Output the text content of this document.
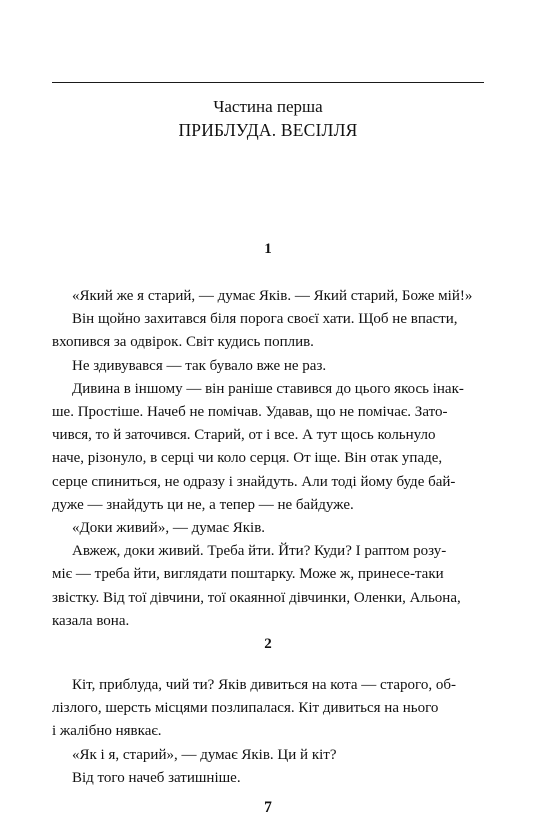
Частина перша
ПРИБЛУДА. ВЕСІЛЛЯ
1

«Який же я старий, — думає Яків. — Який старий, Боже мій!»

Він щойно захитався біля порога своєї хати. Щоб не впасти,
вхопився за одвірок. Світ кудись поплив.

Не здивувався — так бувало вже не раз.

Дивина в іншому — він раніше ставився до цього якось інак-
ше. Простіше. Начеб не помічав. Удавав, що не помічає. Зато-
чився, то й заточився. Старий, от і все. А тут щось кольнуло
наче, різонуло, в серці чи коло серця. От іще. Він отак упаде,
серце спиниться, не одразу і знайдуть. Али тоді йому буде бай-
дуже — знайдуть ци не, а тепер — не байдуже.

«Доки живий», — думає Яків.

Авжеж, доки живий. Треба йти. Йти? Куди? І раптом розу-
міє — треба йти, виглядати поштарку. Може ж, принесе-таки
звістку. Від тої дівчини, тої окаянної дівчинки, Оленки, Альона,
казала вона.

2

Кіт, приблуда, чий ти? Яків дивиться на кота — старого, об-
лізлого, шерсть місцями позлипалася. Кіт дивиться на нього
і жалібно нявкає.

«Як і я, старий», — думає Яків. Ци й кіт?

Від того начеб затишніше.

7
